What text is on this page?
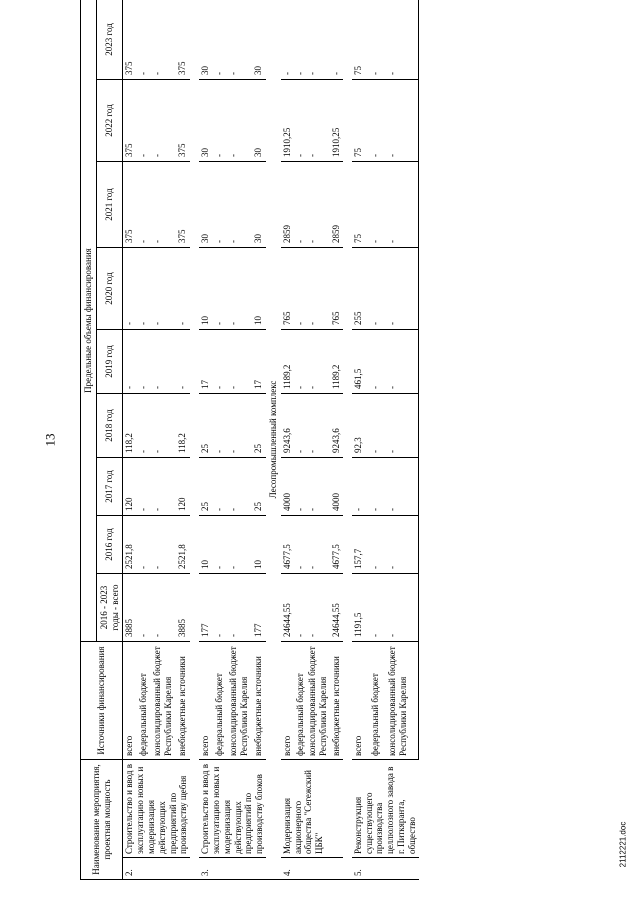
13
2112221.doc
Наименование мероприятия, проектная мощность		Источники финансирования	Предельные объемы финансирования								
			2016 - 2023 годы - всего	2016 год	2017 год	2018 год	2019 год	2020 год	2021 год	2022 год	2023 год
2.	Строительство и ввод в эксплуатацию новых и модернизация действующих предприятий по производству щебня	всего	3885	2521,8	120	118,2	-	-	375	375	375
		федеральный бюджет	-	-	-	-	-	-	-	-	-
		консолидированный бюджет Республики Карелия	-	-	-	-	-	-	-	-	-
		внебюджетные источники	3885	2521,8	120	118,2	-	-	375	375	375

3.	Строительство и ввод в эксплуатацию новых и модернизация действующих предприятий по производству блоков	всего	177	10	25	25	17	10	30	30	30
		федеральный бюджет	-	-	-	-	-	-	-	-	-
		консолидированный бюджет Республики Карелия	-	-	-	-	-	-	-	-	-
		внебюджетные источники	177	10	25	25	17	10	30	30	30
Лесопромышленный комплекс											
4.	Модернизация акционерного общества "Сегежский ЦБК"	всего	24644,55	4677,5	4000	9243,6	1189,2	765	2859	1910,25	-
		федеральный бюджет	-	-	-	-	-	-	-	-	-
		консолидированный бюджет Республики Карелия	-	-	-	-	-	-	-	-	-
		внебюджетные источники	24644,55	4677,5	4000	9243,6	1189,2	765	2859	1910,25	-

5.	Реконструкция существующего производства целлюлозного завода в г. Питкяранта, общество	всего	1191,5	157,7	-	92,3	461,5	255	75	75	75
		федеральный бюджет	-	-	-	-	-	-	-	-	-
		консолидированный бюджет Республики Карелия	-	-	-	-	-	-	-	-	-
